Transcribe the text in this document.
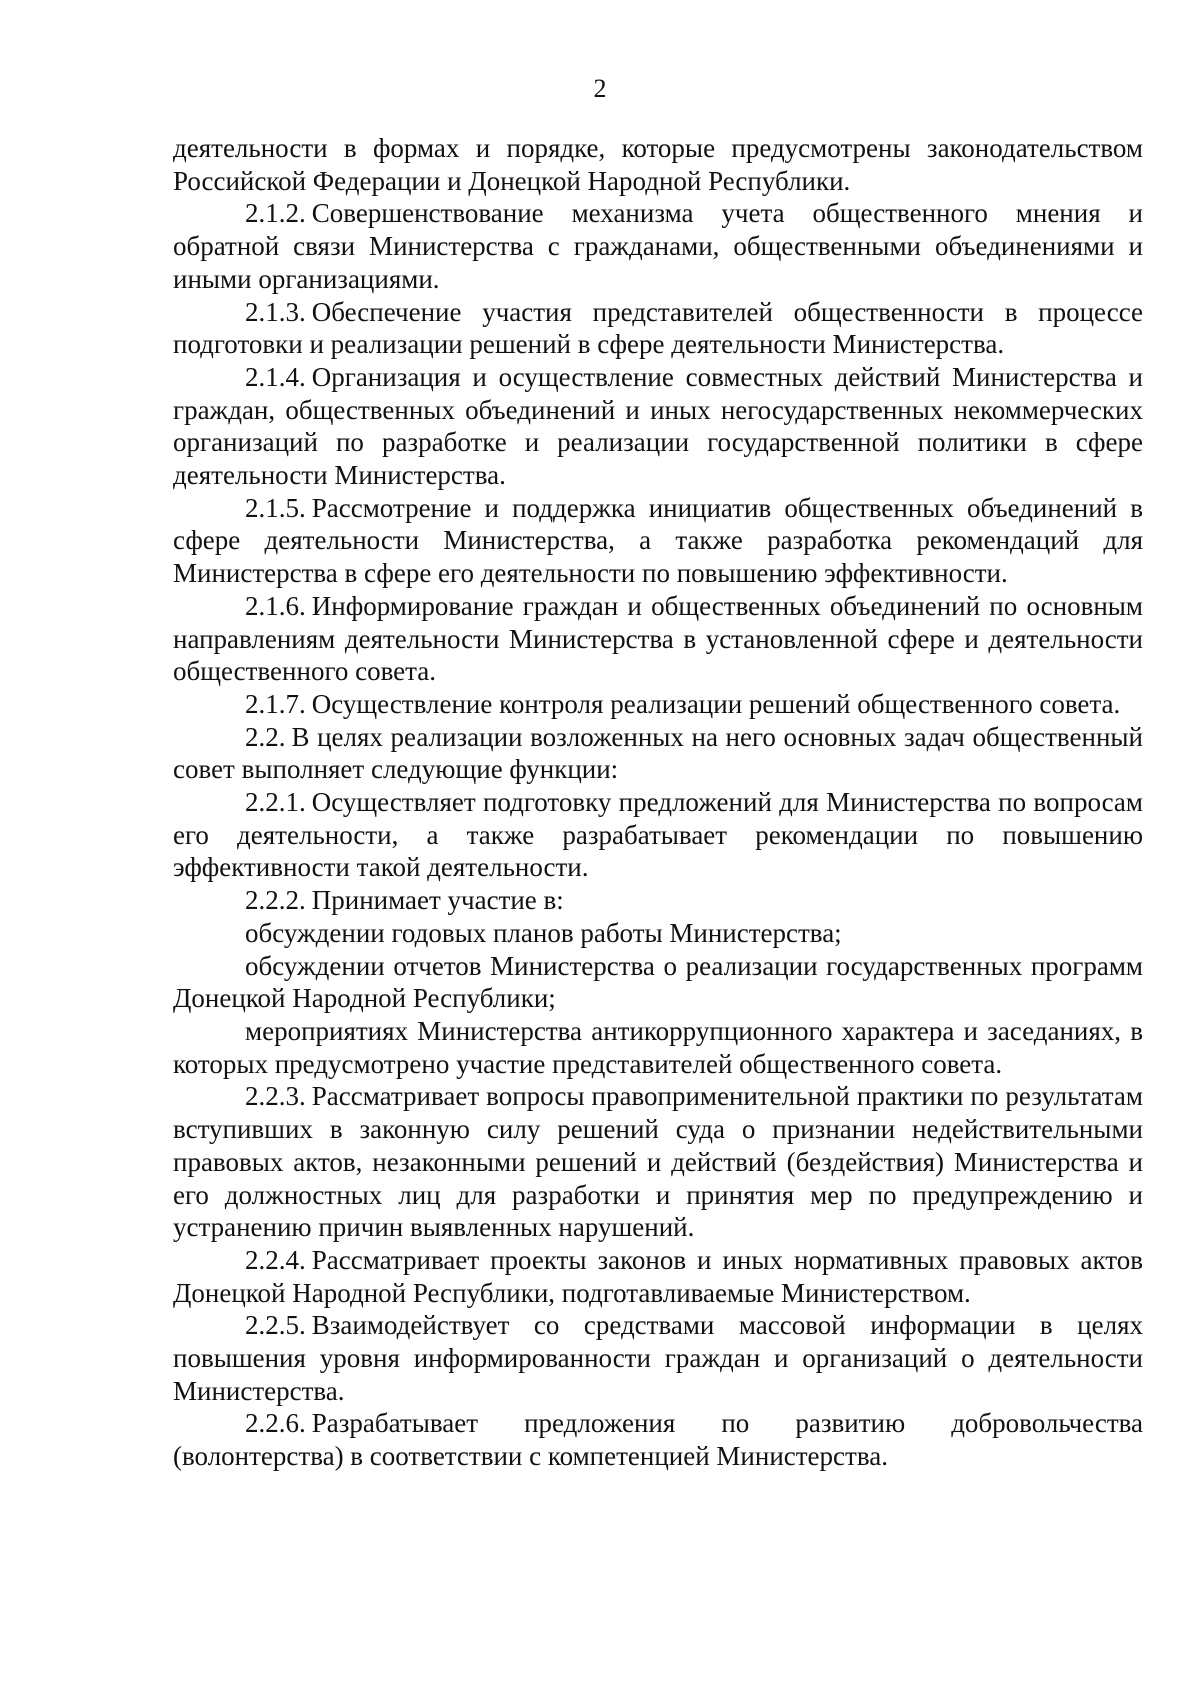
2

деятельности в формах и порядке, которые предусмотрены законодательством Российской Федерации и Донецкой Народной Республики.

2.1.2. Совершенствование механизма учета общественного мнения и обратной связи Министерства с гражданами, общественными объединениями и иными организациями.

2.1.3. Обеспечение участия представителей общественности в процессе подготовки и реализации решений в сфере деятельности Министерства.

2.1.4. Организация и осуществление совместных действий Министерства и граждан, общественных объединений и иных негосударственных некоммерческих организаций по разработке и реализации государственной политики в сфере деятельности Министерства.

2.1.5. Рассмотрение и поддержка инициатив общественных объединений в сфере деятельности Министерства, а также разработка рекомендаций для Министерства в сфере его деятельности по повышению эффективности.

2.1.6. Информирование граждан и общественных объединений по основным направлениям деятельности Министерства в установленной сфере и деятельности общественного совета.

2.1.7. Осуществление контроля реализации решений общественного совета.

2.2. В целях реализации возложенных на него основных задач общественный совет выполняет следующие функции:

2.2.1. Осуществляет подготовку предложений для Министерства по вопросам его деятельности, а также разрабатывает рекомендации по повышению эффективности такой деятельности.

2.2.2. Принимает участие в:

обсуждении годовых планов работы Министерства;

обсуждении отчетов Министерства о реализации государственных программ Донецкой Народной Республики;

мероприятиях Министерства антикоррупционного характера и заседаниях, в которых предусмотрено участие представителей общественного совета.

2.2.3. Рассматривает вопросы правоприменительной практики по результатам вступивших в законную силу решений суда о признании недействительными правовых актов, незаконными решений и действий (бездействия) Министерства и его должностных лиц для разработки и принятия мер по предупреждению и устранению причин выявленных нарушений.

2.2.4. Рассматривает проекты законов и иных нормативных правовых актов Донецкой Народной Республики, подготавливаемые Министерством.

2.2.5. Взаимодействует со средствами массовой информации в целях повышения уровня информированности граждан и организаций о деятельности Министерства.

2.2.6. Разрабатывает предложения по развитию добровольчества (волонтерства) в соответствии с компетенцией Министерства.
